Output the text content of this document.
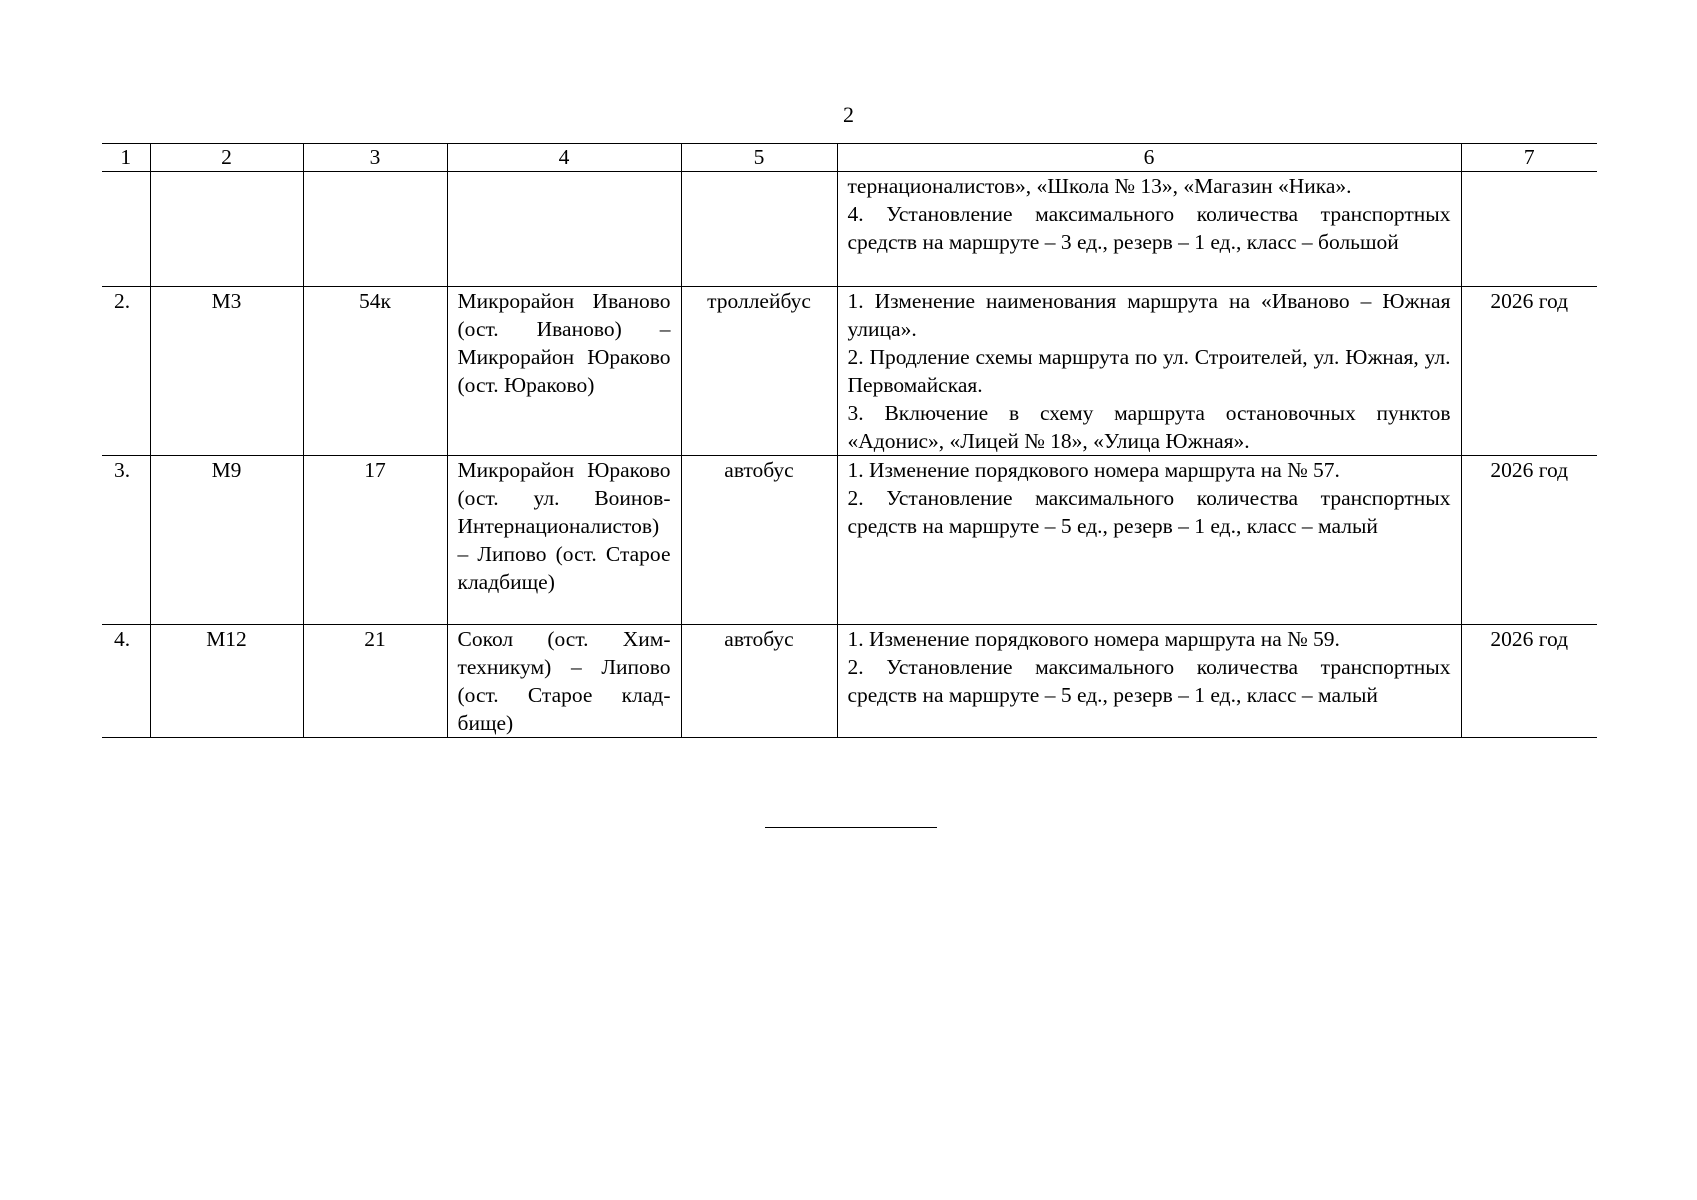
2
1	2	3	4	5	6	7

					тернационалистов», «Школа № 13», «Магазин «Ника».
4. Установление максимального количества транспортных средств на маршруте – 3 ед., резерв – 1 ед., класс – большой	

2.	М3	54к	Микрорайон Иваново (ост. Иваново) – Микрорайон Юраково (ост. Юраково)	троллейбус	1. Изменение наименования маршрута на «Иваново – Южная улица».
2. Продление схемы маршрута по ул. Строителей, ул. Южная, ул. Первомайская.
3. Включение в схему маршрута остановочных пунктов «Адонис», «Лицей № 18», «Улица Южная».	2026 год
3.	М9	17	Микрорайон Юраково (ост. ул. Воинов-Интернационалистов) – Липово (ост. Старое кладбище)	автобус	1. Изменение порядкового номера маршрута на № 57.
2. Установление максимального количества транспортных средств на маршруте – 5 ед., резерв – 1 ед., класс – малый	2026 год
4.	М12	21	Сокол (ост. Химтехникум) – Липово (ост. Старое кладбище)	автобус	1. Изменение порядкового номера маршрута на № 59.
2. Установление максимального количества транспортных средств на маршруте – 5 ед., резерв – 1 ед., класс – малый	2026 год
